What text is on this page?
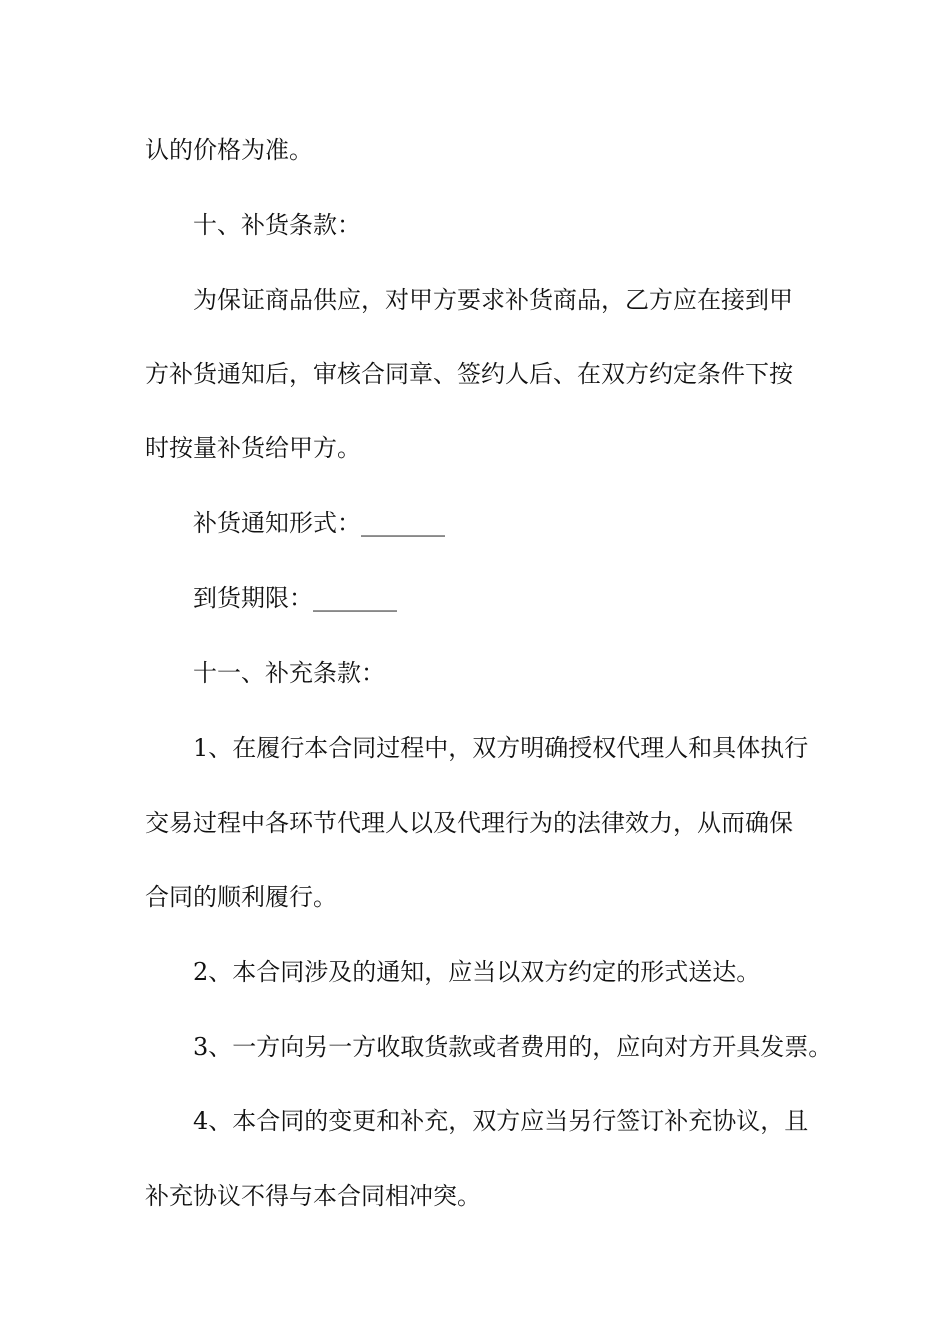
认的价格为准。
十、补货条款：
为保证商品供应，对甲方要求补货商品，乙方应在接到甲
方补货通知后，审核合同章、签约人后、在双方约定条件下按
时按量补货给甲方。
补货通知形式：_______
到货期限：_______
十一、补充条款：
1、在履行本合同过程中，双方明确授权代理人和具体执行
交易过程中各环节代理人以及代理行为的法律效力，从而确保
合同的顺利履行。
2、本合同涉及的通知，应当以双方约定的形式送达。
3、一方向另一方收取货款或者费用的，应向对方开具发票。
4、本合同的变更和补充，双方应当另行签订补充协议，且
补充协议不得与本合同相冲突。
